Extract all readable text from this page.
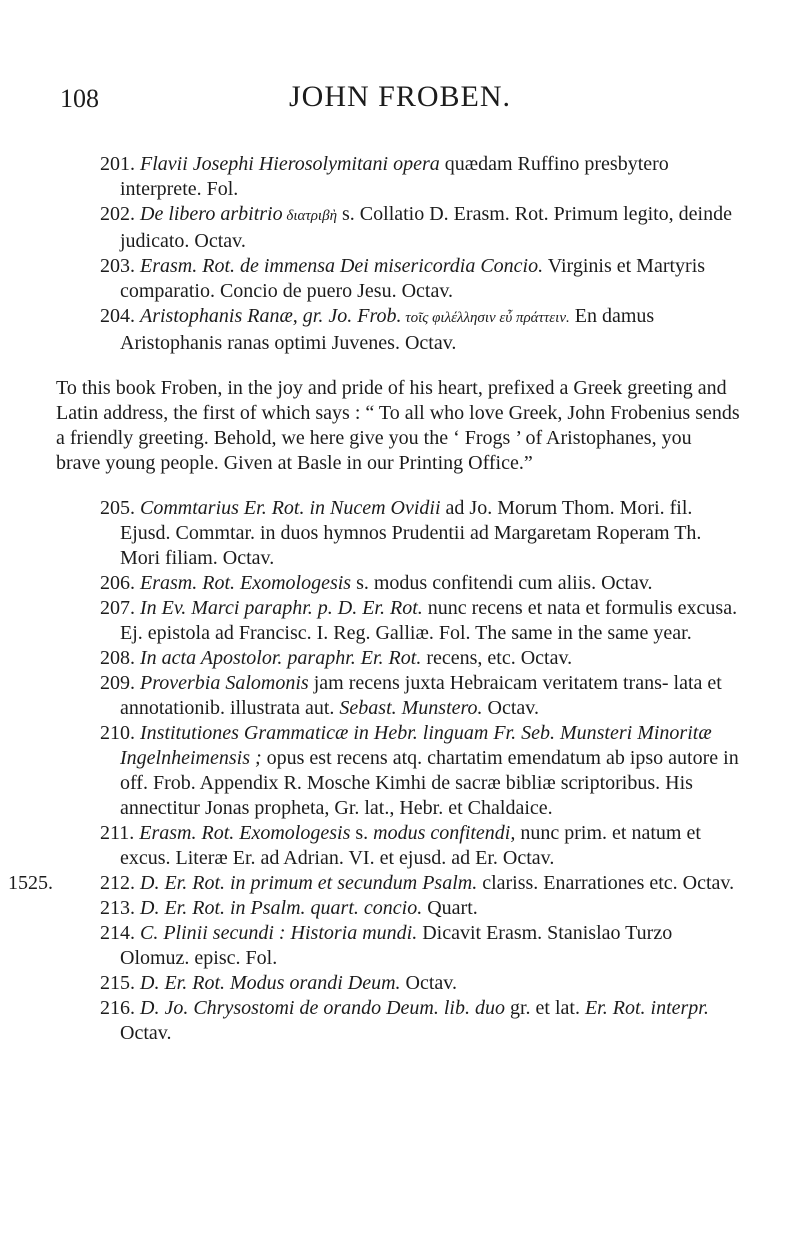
108	JOHN FROBEN.

201. Flavii Josephi Hierosolymitani opera quædam Ruffino presbytero interprete. Fol.

202. De libero arbitrio διατριβὴ s. Collatio D. Erasm. Rot. Primum legito, deinde judicato. Octav.

203. Erasm. Rot. de immensa Dei misericordia Concio. Virginis et Martyris comparatio. Concio de puero Jesu. Octav.

204. Aristophanis Ranæ, gr. Jo. Frob. τοῖς φιλέλλησιν εὖ πράττειν. En damus Aristophanis ranas optimi Juvenes. Octav.

To this book Froben, in the joy and pride of his heart, prefixed a Greek greeting and Latin address, the first of which says : “ To all who love Greek, John Frobenius sends a friendly greeting. Behold, we here give you the ‘ Frogs ’ of Aristophanes, you brave young people. Given at Basle in our Printing Office.”

205. Commtarius Er. Rot. in Nucem Ovidii ad Jo. Morum Thom. Mori. fil. Ejusd. Commtar. in duos hymnos Prudentii ad Margaretam Roperam Th. Mori filiam. Octav.

206. Erasm. Rot. Exomologesis s. modus confitendi cum aliis. Octav.

207. In Ev. Marci paraphr. p. D. Er. Rot. nunc recens et nata et formulis excusa. Ej. epistola ad Francisc. I. Reg. Galliæ. Fol. The same in the same year.

208. In acta Apostolor. paraphr. Er. Rot. recens, etc. Octav.

209. Proverbia Salomonis jam recens juxta Hebraicam veritatem trans- lata et annotationib. illustrata aut. Sebast. Munstero. Octav.

210. Institutiones Grammaticæ in Hebr. linguam Fr. Seb. Munsteri Minoritæ Ingelnheimensis ; opus est recens atq. chartatim emendatum ab ipso autore in off. Frob. Appendix R. Mosche Kimhi de sacræ bibliæ scriptoribus. His annectitur Jonas propheta, Gr. lat., Hebr. et Chaldaice.

211. Erasm. Rot. Exomologesis s. modus confitendi, nunc prim. et natum et excus. Literæ Er. ad Adrian. VI. et ejusd. ad Er. Octav.

1525. 212. D. Er. Rot. in primum et secundum Psalm. clariss. Enarrationes etc. Octav.

213. D. Er. Rot. in Psalm. quart. concio. Quart.

214. C. Plinii secundi : Historia mundi. Dicavit Erasm. Stanislao Turzo Olomuz. episc. Fol.

215. D. Er. Rot. Modus orandi Deum. Octav.

216. D. Jo. Chrysostomi de orando Deum. lib. duo gr. et lat. Er. Rot. interpr. Octav.
